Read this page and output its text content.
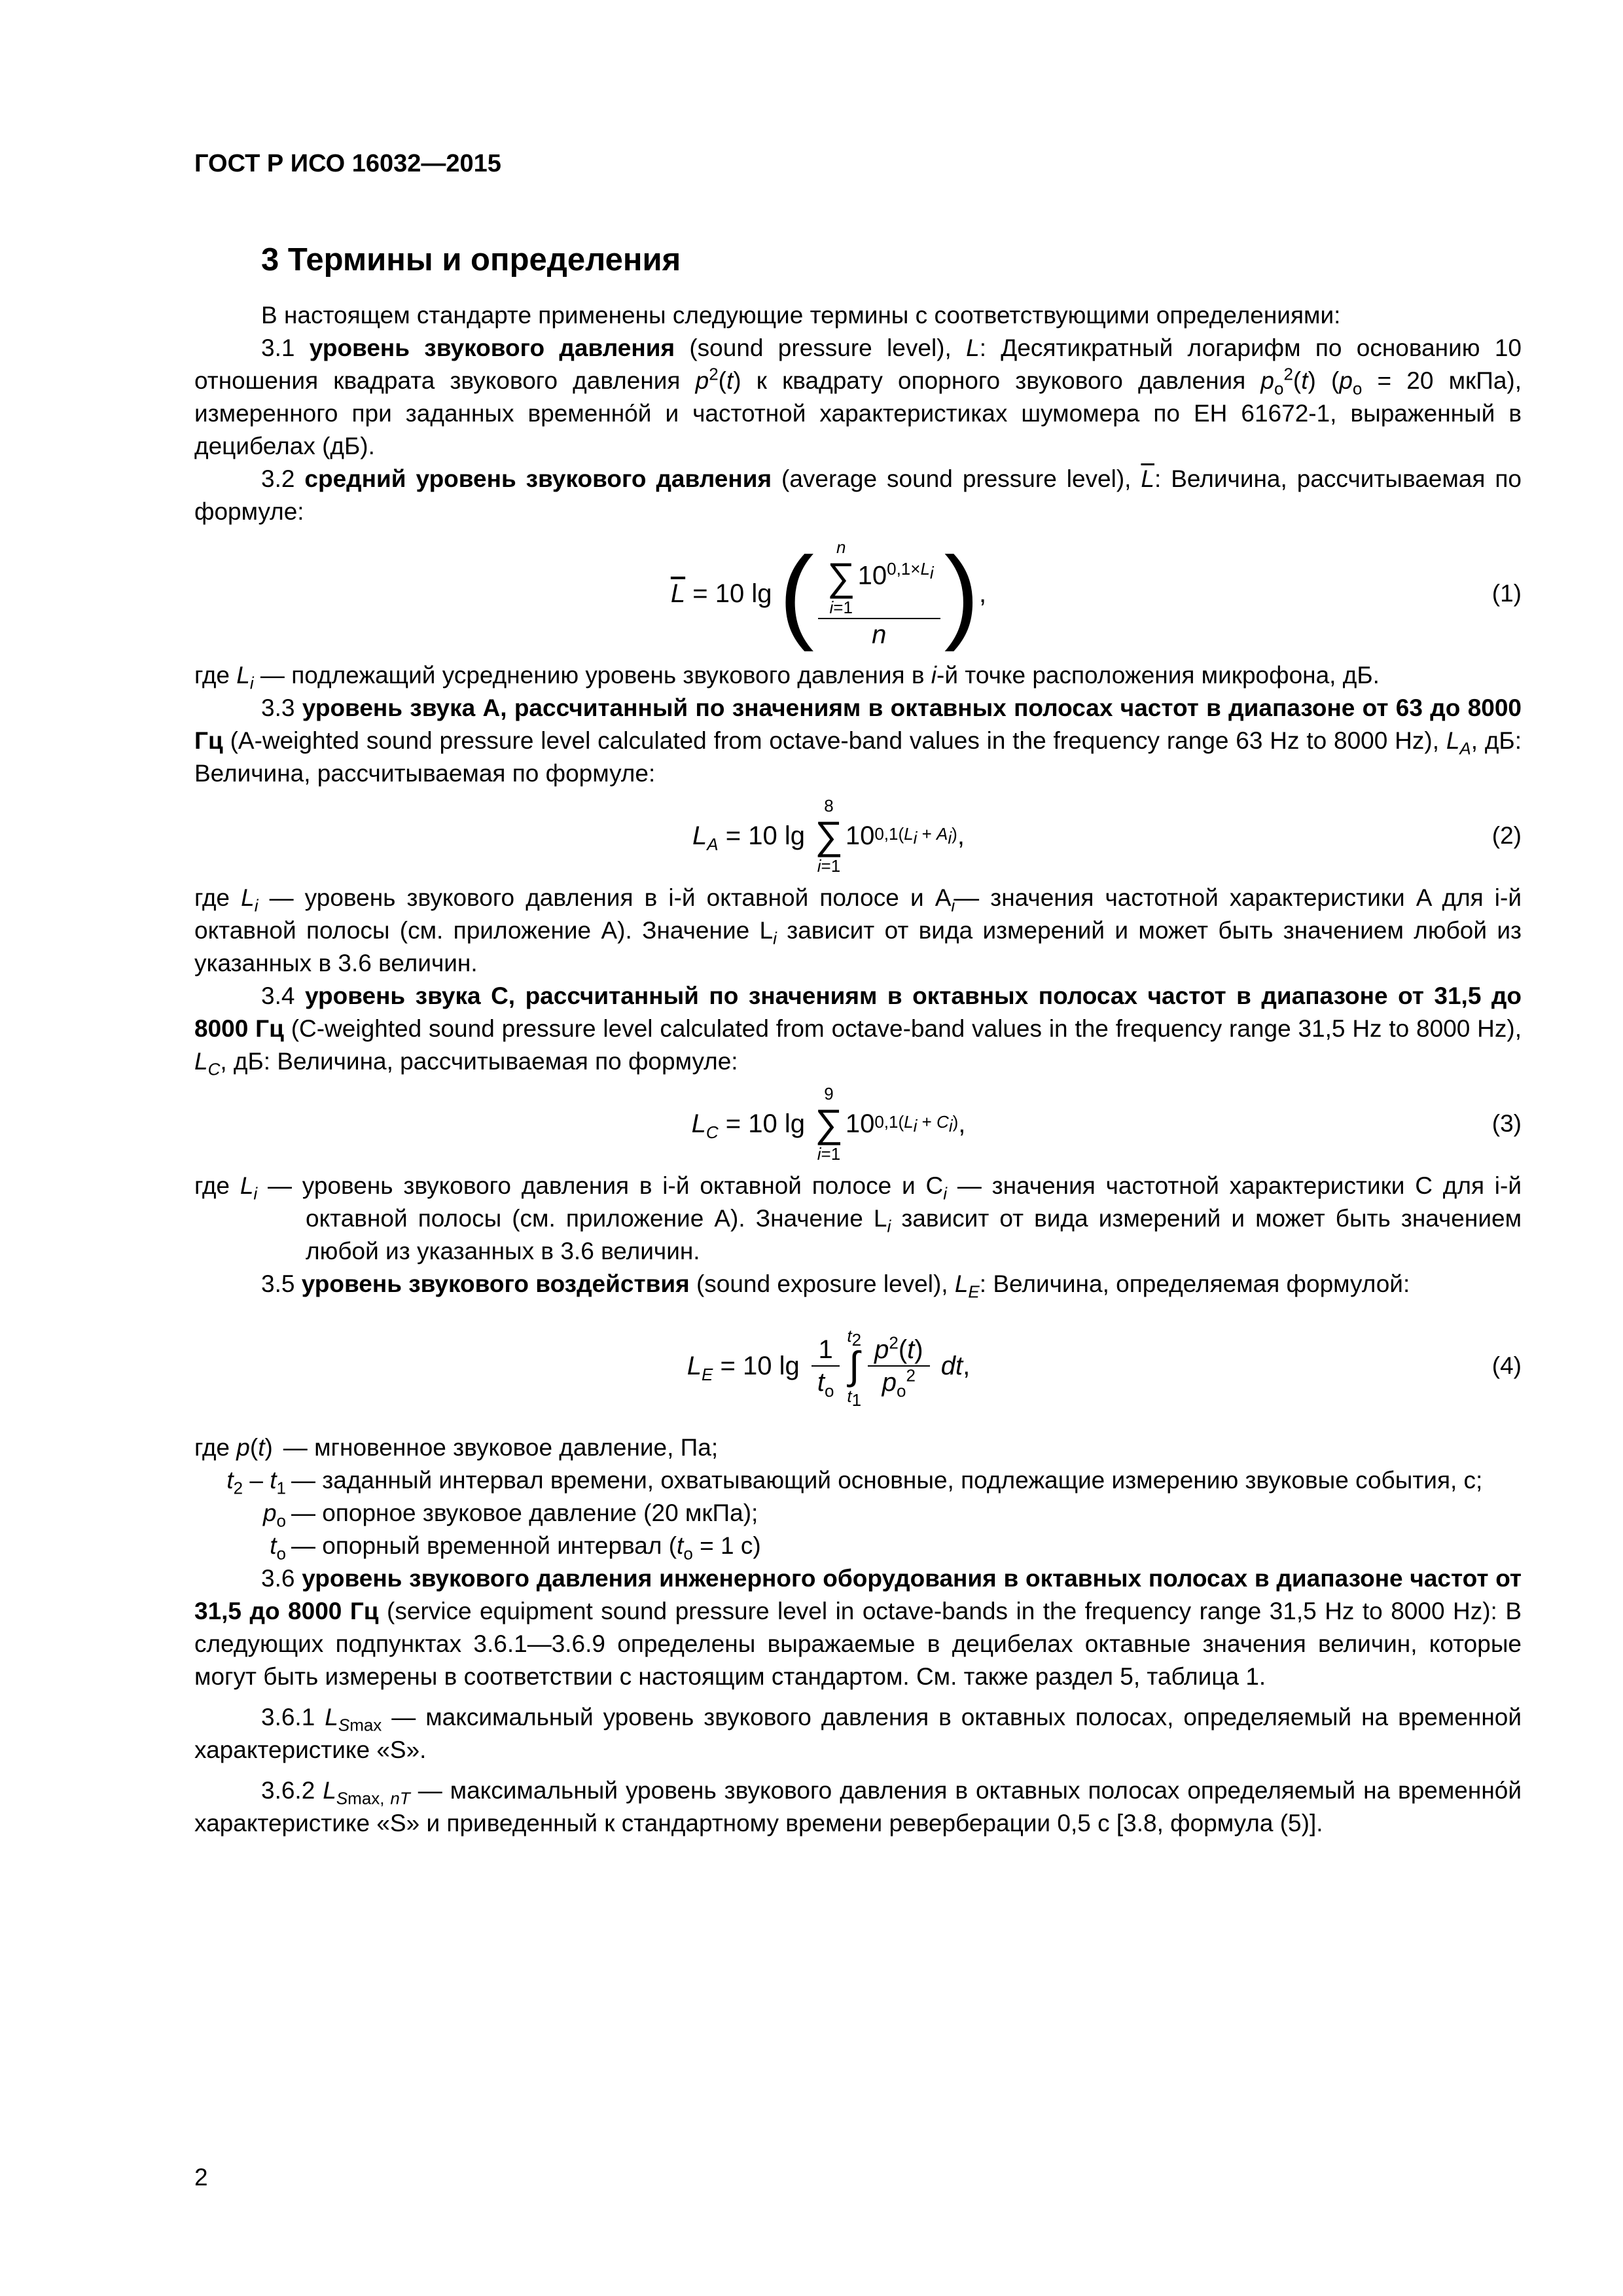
ГОСТ Р ИСО 16032—2015
3 Термины и определения

В настоящем стандарте применены следующие термины с соответствующими определениями:

3.1 уровень звукового давления (sound pressure level), L: Десятикратный логарифм по основанию 10 отношения квадрата звукового давления $p^2(t)$ к квадрату опорного звукового давления $p_o^2(t) (p_o = 20$ мкПа), измеренного при заданных временно́й и частотной характеристиках шумомера по ЕН 61672-1, выраженный в децибелах (дБ).

3.2 средний уровень звукового давления (average sound pressure level), $\overline{L}$: Величина, рассчитываемая по формуле:

$\overline{L} = 10$ lg ( n
∑
i=1
$10^{0,1\times L_i}$
n ) ,	(1)

где $L_i$ — подлежащий усреднению уровень звукового давления в i-й точке расположения микрофона, дБ.

3.3 уровень звука A, рассчитанный по значениям в октавных полосах частот в диапазоне от 63 до 8000 Гц (A-weighted sound pressure level calculated from octave-band values in the frequency range 63 Hz to 8000 Hz), $L_A$, дБ: Величина, рассчитываемая по формуле:

$L_A = 10$ lg
8
∑
i=1
10 $0,1(L_i + A_i)$ ,	(2)

где $L_i$ — уровень звукового давления в i-й октавной полосе и $A_i—$ значения частотной характеристики A для i-й октавной полосы (см. приложение А). Значение $L_i$ зависит от вида измерений и может быть значением любой из указанных в 3.6 величин.

3.4 уровень звука C, рассчитанный по значениям в октавных полосах частот в диапазоне от 31,5 до 8000 Гц (C-weighted sound pressure level calculated from octave-band values in the frequency range 31,5 Hz to 8000 Hz), $L_C$, дБ: Величина, рассчитываемая по формуле:

$L_C = 10$ lg
9
∑
i=1
10 $0,1(L_i + C_i)$ ,	(3)

где $L_i$ — уровень звукового давления в i-й октавной полосе и $C_i$ — значения частотной характеристики C для i-й октавной полосы (см. приложение А). Значение $L_i$ зависит от вида измерений и может быть значением любой из указанных в 3.6 величин.

3.5 уровень звукового воздействия (sound exposure level), $L_E$: Величина, определяемая формулой:

$L_E = 10$ $\lg \frac{1}{t_o} t_2$
∫
$t_1$
$\frac{p^2(t)}{p_o^2}$
dt ,	(4)
где p(t) — мгновенное звуковое давление, Па;
$t_2 - t_1$ — заданный интервал времени, охватывающий основные, подлежащие измерению звуковые события, с;
$p_o$ — опорное звуковое давление (20 мкПа);
$t_o$ — опорный временной интервал ($t_o = 1$ с)

3.6 уровень звукового давления инженерного оборудования в октавных полосах в диапазоне частот от 31,5 до 8000 Гц (service equipment sound pressure level in octave-bands in the frequency range 31,5 Hz to 8000 Hz): В следующих подпунктах 3.6.1—3.6.9 определены выражаемые в децибелах октавные значения величин, которые могут быть измерены в соответствии с настоящим стандартом. См. также раздел 5, таблица 1.

3.6.1 $L_{Smax}$ — максимальный уровень звукового давления в октавных полосах, определяемый на временной характеристике «S».

3.6.2 $L_{Smax, nT}$ — максимальный уровень звукового давления в октавных полосах определяемый на временно́й характеристике «S» и приведенный к стандартному времени реверберации 0,5 с [3.8, формула (5)].

2
